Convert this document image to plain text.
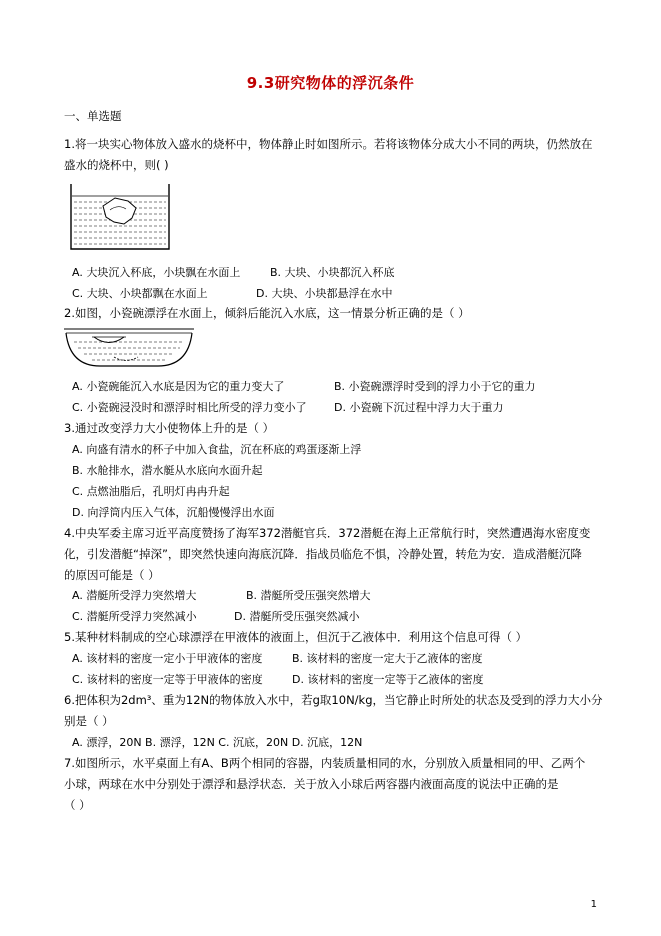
9.3研究物体的浮沉条件
一、单选题
1.将一块实心物体放入盛水的烧杯中，物体静止时如图所示。若将该物体分成大小不同的两块，仍然放在
盛水的烧杯中，则( )
A. 大块沉入杯底，小块飘在水面上	B. 大块、小块都沉入杯底
C. 大块、小块都飘在水面上	D. 大块、小块都悬浮在水中
2.如图，小瓷碗漂浮在水面上，倾斜后能沉入水底，这一情景分析正确的是（ ）
A. 小瓷碗能沉入水底是因为它的重力变大了	B. 小瓷碗漂浮时受到的浮力小于它的重力
C. 小瓷碗浸没时和漂浮时相比所受的浮力变小了 D. 小瓷碗下沉过程中浮力大于重力
3.通过改变浮力大小使物体上升的是（ ）
A. 向盛有清水的杯子中加入食盐，沉在杯底的鸡蛋逐渐上浮
B. 水舱排水，潜水艇从水底向水面升起
C. 点燃油脂后，孔明灯冉冉升起
D. 向浮筒内压入气体，沉船慢慢浮出水面
4.中央军委主席习近平高度赞扬了海军372潜艇官兵．372潜艇在海上正常航行时，突然遭遇海水密度变
化，引发潜艇“掉深”，即突然快速向海底沉降．指战员临危不惧，冷静处置，转危为安．造成潜艇沉降
的原因可能是（ ）
A. 潜艇所受浮力突然增大	B. 潜艇所受压强突然增大
C. 潜艇所受浮力突然减小	D. 潜艇所受压强突然减小
5.某种材料制成的空心球漂浮在甲液体的液面上，但沉于乙液体中．利用这个信息可得（ ）
A. 该材料的密度一定小于甲液体的密度	B. 该材料的密度一定大于乙液体的密度
C. 该材料的密度一定等于甲液体的密度	D. 该材料的密度一定等于乙液体的密度
6.把体积为2dm³、重为12N的物体放入水中，若g取10N/kg，当它静止时所处的状态及受到的浮力大小分
别是（ ）
A. 漂浮，20N B. 漂浮，12N C. 沉底，20N D. 沉底，12N
7.如图所示，水平桌面上有A、B两个相同的容器，内装质量相同的水，分别放入质量相同的甲、乙两个
小球，两球在水中分别处于漂浮和悬浮状态．关于放入小球后两容器内液面高度的说法中正确的是
（ ）
1
